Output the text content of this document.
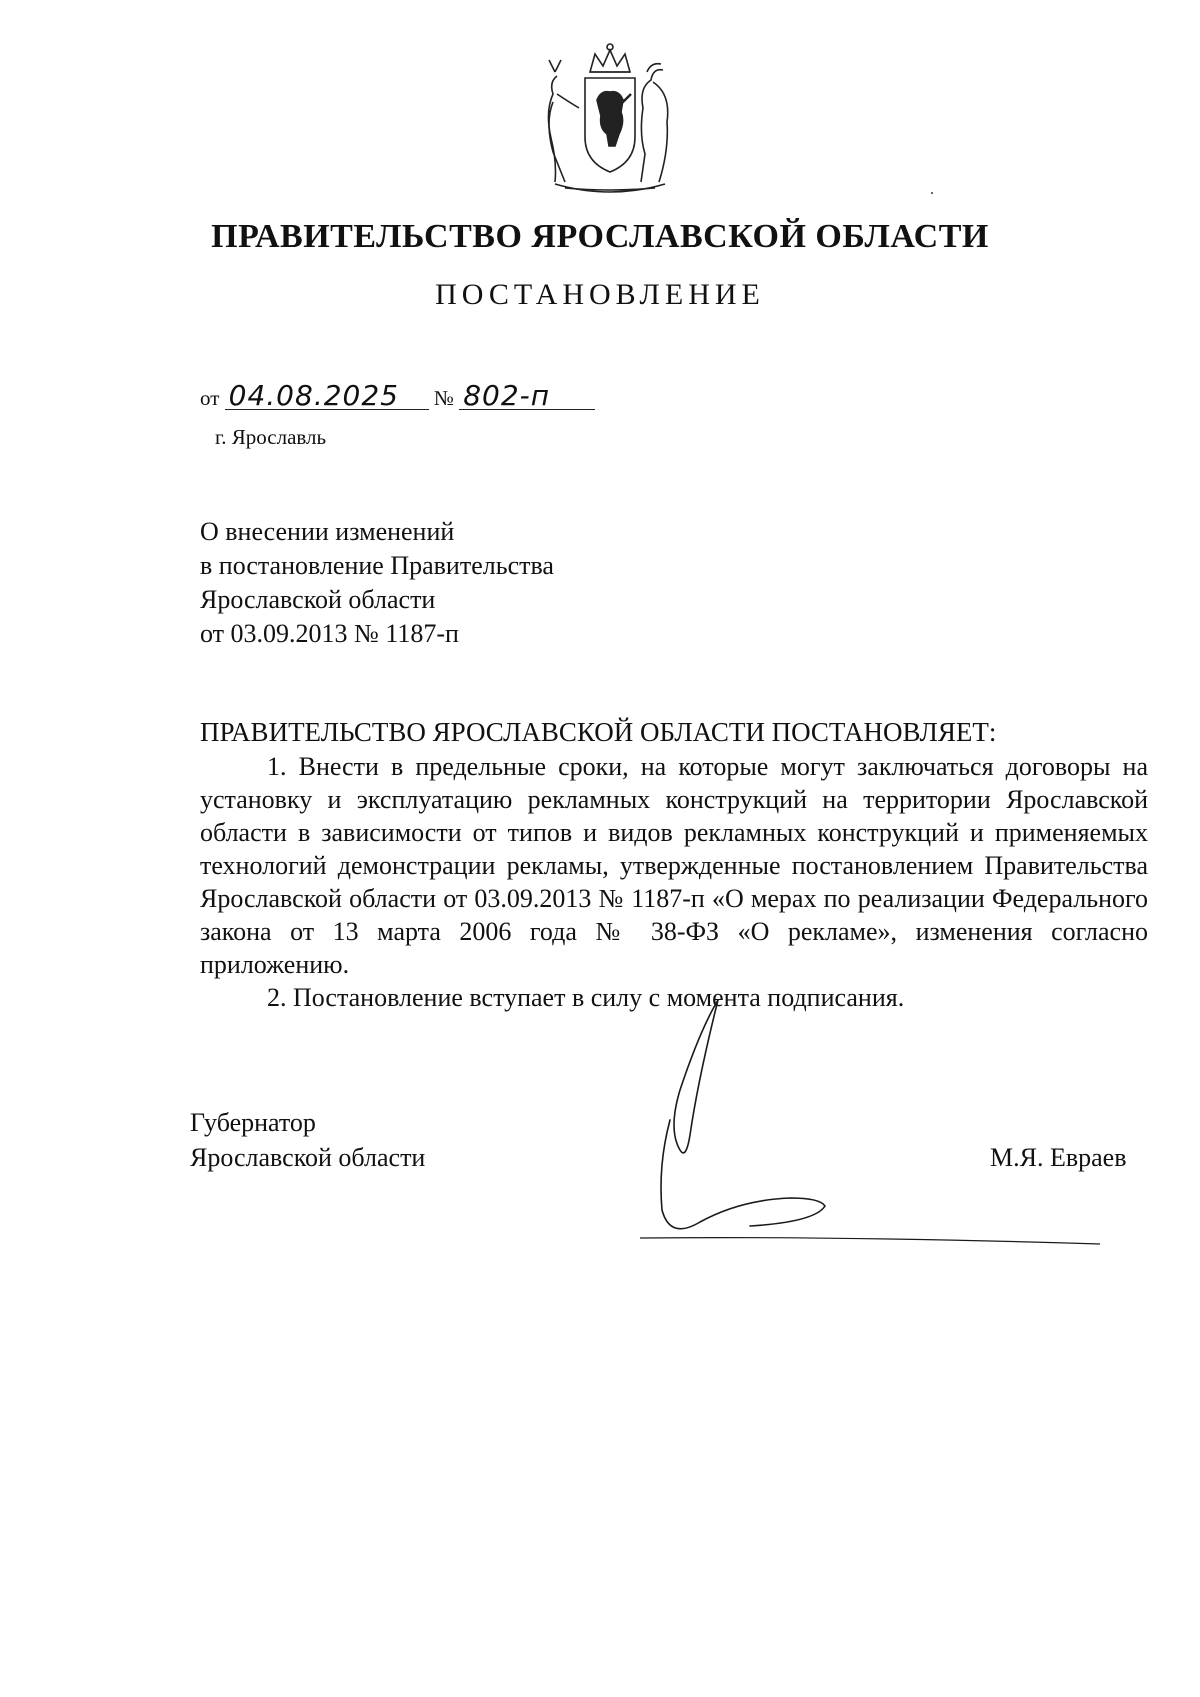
ПРАВИТЕЛЬСТВО ЯРОСЛАВСКОЙ ОБЛАСТИ
ПОСТАНОВЛЕНИЕ
от 04.08.2025 № 802-п
г. Ярославль
О внесении изменений
в постановление Правительства
Ярославской области
от 03.09.2013 № 1187-п
ПРАВИТЕЛЬСТВО ЯРОСЛАВСКОЙ ОБЛАСТИ ПОСТАНОВЛЯЕТ:
1. Внести в предельные сроки, на которые могут заключаться договоры на установку и эксплуатацию рекламных конструкций на территории Ярославской области в зависимости от типов и видов рекламных конструкций и применяемых технологий демонстрации рекламы, утвержденные постановлением Правительства Ярославской области от 03.09.2013 № 1187-п «О мерах по реализации Федерального закона от 13 марта 2006 года № 38-ФЗ «О рекламе», изменения согласно приложению.
2. Постановление вступает в силу с момента подписания.
Губернатор
Ярославской области	М.Я. Евраев
